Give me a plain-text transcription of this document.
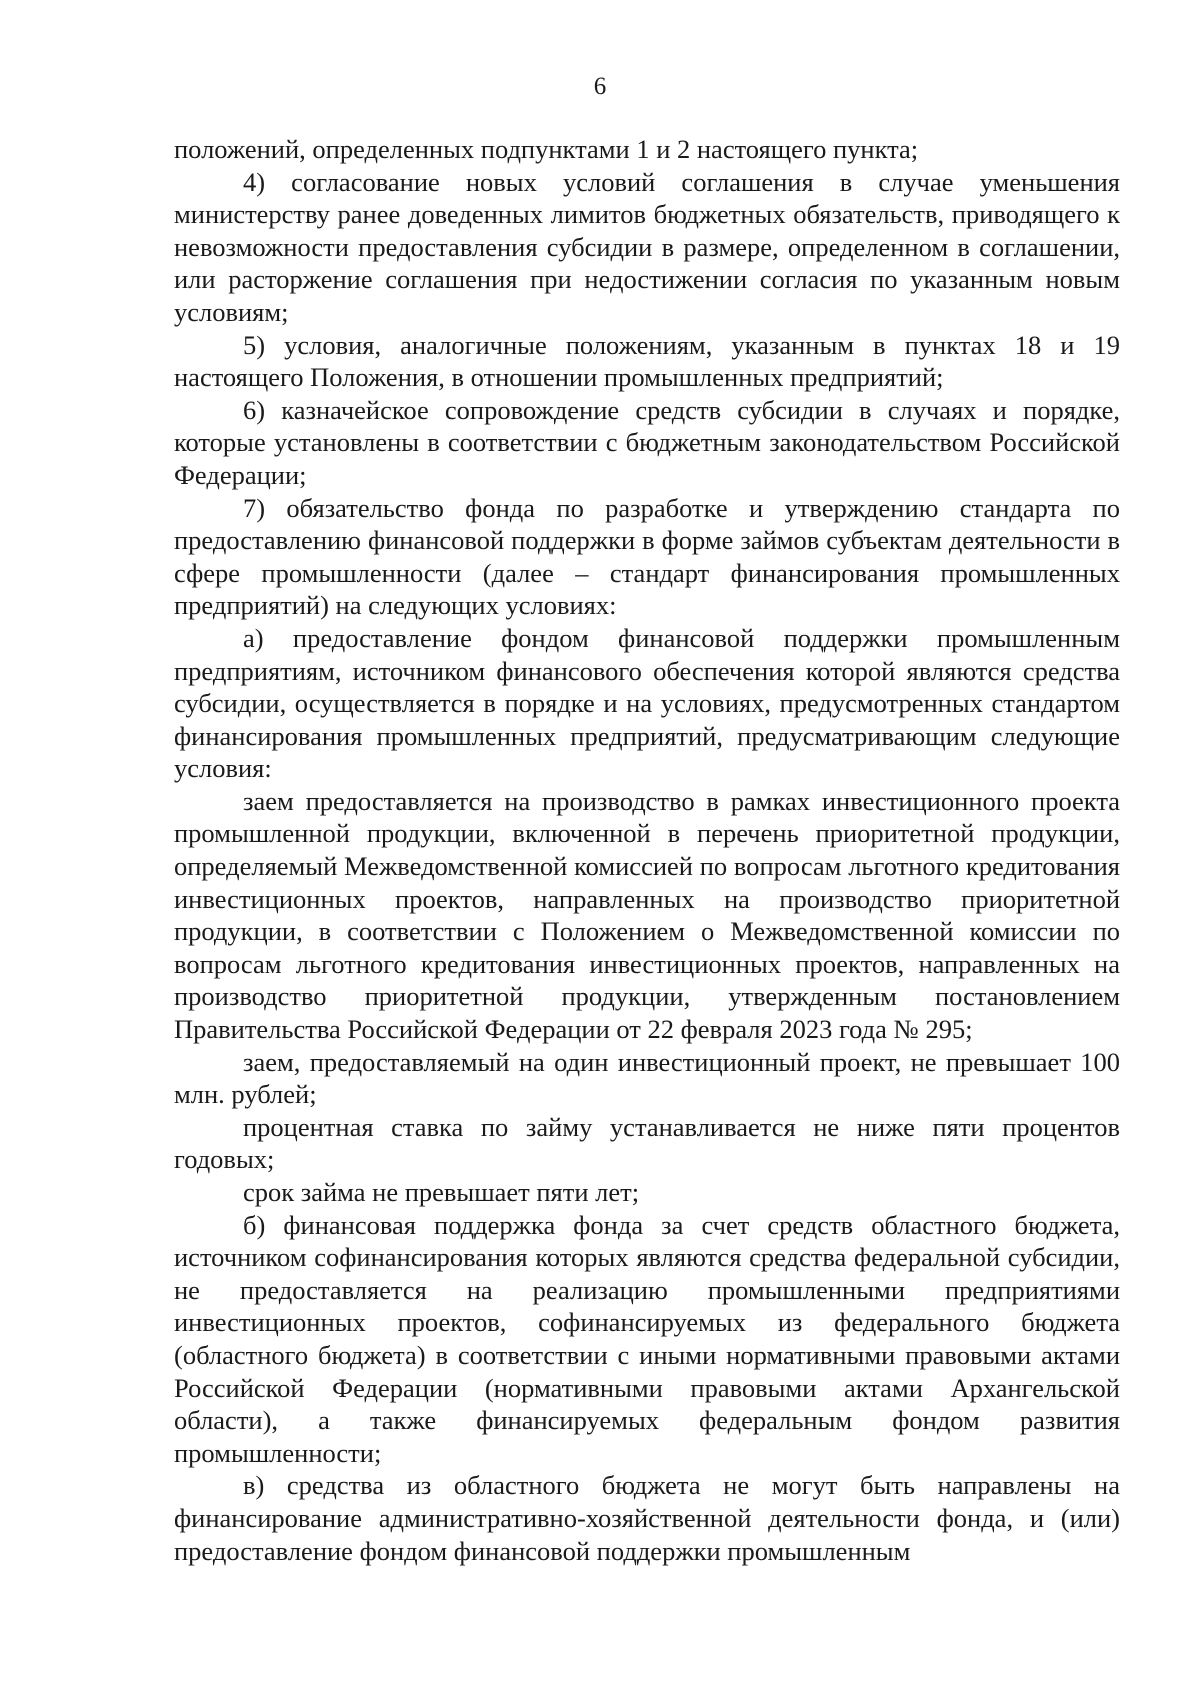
6

положений, определенных подпунктами 1 и 2 настоящего пункта;

4) согласование новых условий соглашения в случае уменьшения министерству ранее доведенных лимитов бюджетных обязательств, приводящего к невозможности предоставления субсидии в размере, определенном в соглашении, или расторжение соглашения при недостижении согласия по указанным новым условиям;

5) условия, аналогичные положениям, указанным в пунктах 18 и 19 настоящего Положения, в отношении промышленных предприятий;

6) казначейское сопровождение средств субсидии в случаях и порядке, которые установлены в соответствии с бюджетным законодательством Российской Федерации;

7) обязательство фонда по разработке и утверждению стандарта по предоставлению финансовой поддержки в форме займов субъектам деятельности в сфере промышленности (далее – стандарт финансирования промышленных предприятий) на следующих условиях:

а) предоставление фондом финансовой поддержки промышленным предприятиям, источником финансового обеспечения которой являются средства субсидии, осуществляется в порядке и на условиях, предусмотренных стандартом финансирования промышленных предприятий, предусматривающим следующие условия:

заем предоставляется на производство в рамках инвестиционного проекта промышленной продукции, включенной в перечень приоритетной продукции, определяемый Межведомственной комиссией по вопросам льготного кредитования инвестиционных проектов, направленных на производство приоритетной продукции, в соответствии с Положением о Межведомственной комиссии по вопросам льготного кредитования инвестиционных проектов, направленных на производство приоритетной продукции, утвержденным постановлением Правительства Российской Федерации от 22 февраля 2023 года № 295;

заем, предоставляемый на один инвестиционный проект, не превышает 100 млн. рублей;

процентная ставка по займу устанавливается не ниже пяти процентов годовых;

срок займа не превышает пяти лет;

б) финансовая поддержка фонда за счет средств областного бюджета, источником софинансирования которых являются средства федеральной субсидии, не предоставляется на реализацию промышленными предприятиями инвестиционных проектов, софинансируемых из федерального бюджета (областного бюджета) в соответствии с иными нормативными правовыми актами Российской Федерации (нормативными правовыми актами Архангельской области), а также финансируемых федеральным фондом развития промышленности;

в) средства из областного бюджета не могут быть направлены на финансирование административно-хозяйственной деятельности фонда, и (или) предоставление фондом финансовой поддержки промышленным
